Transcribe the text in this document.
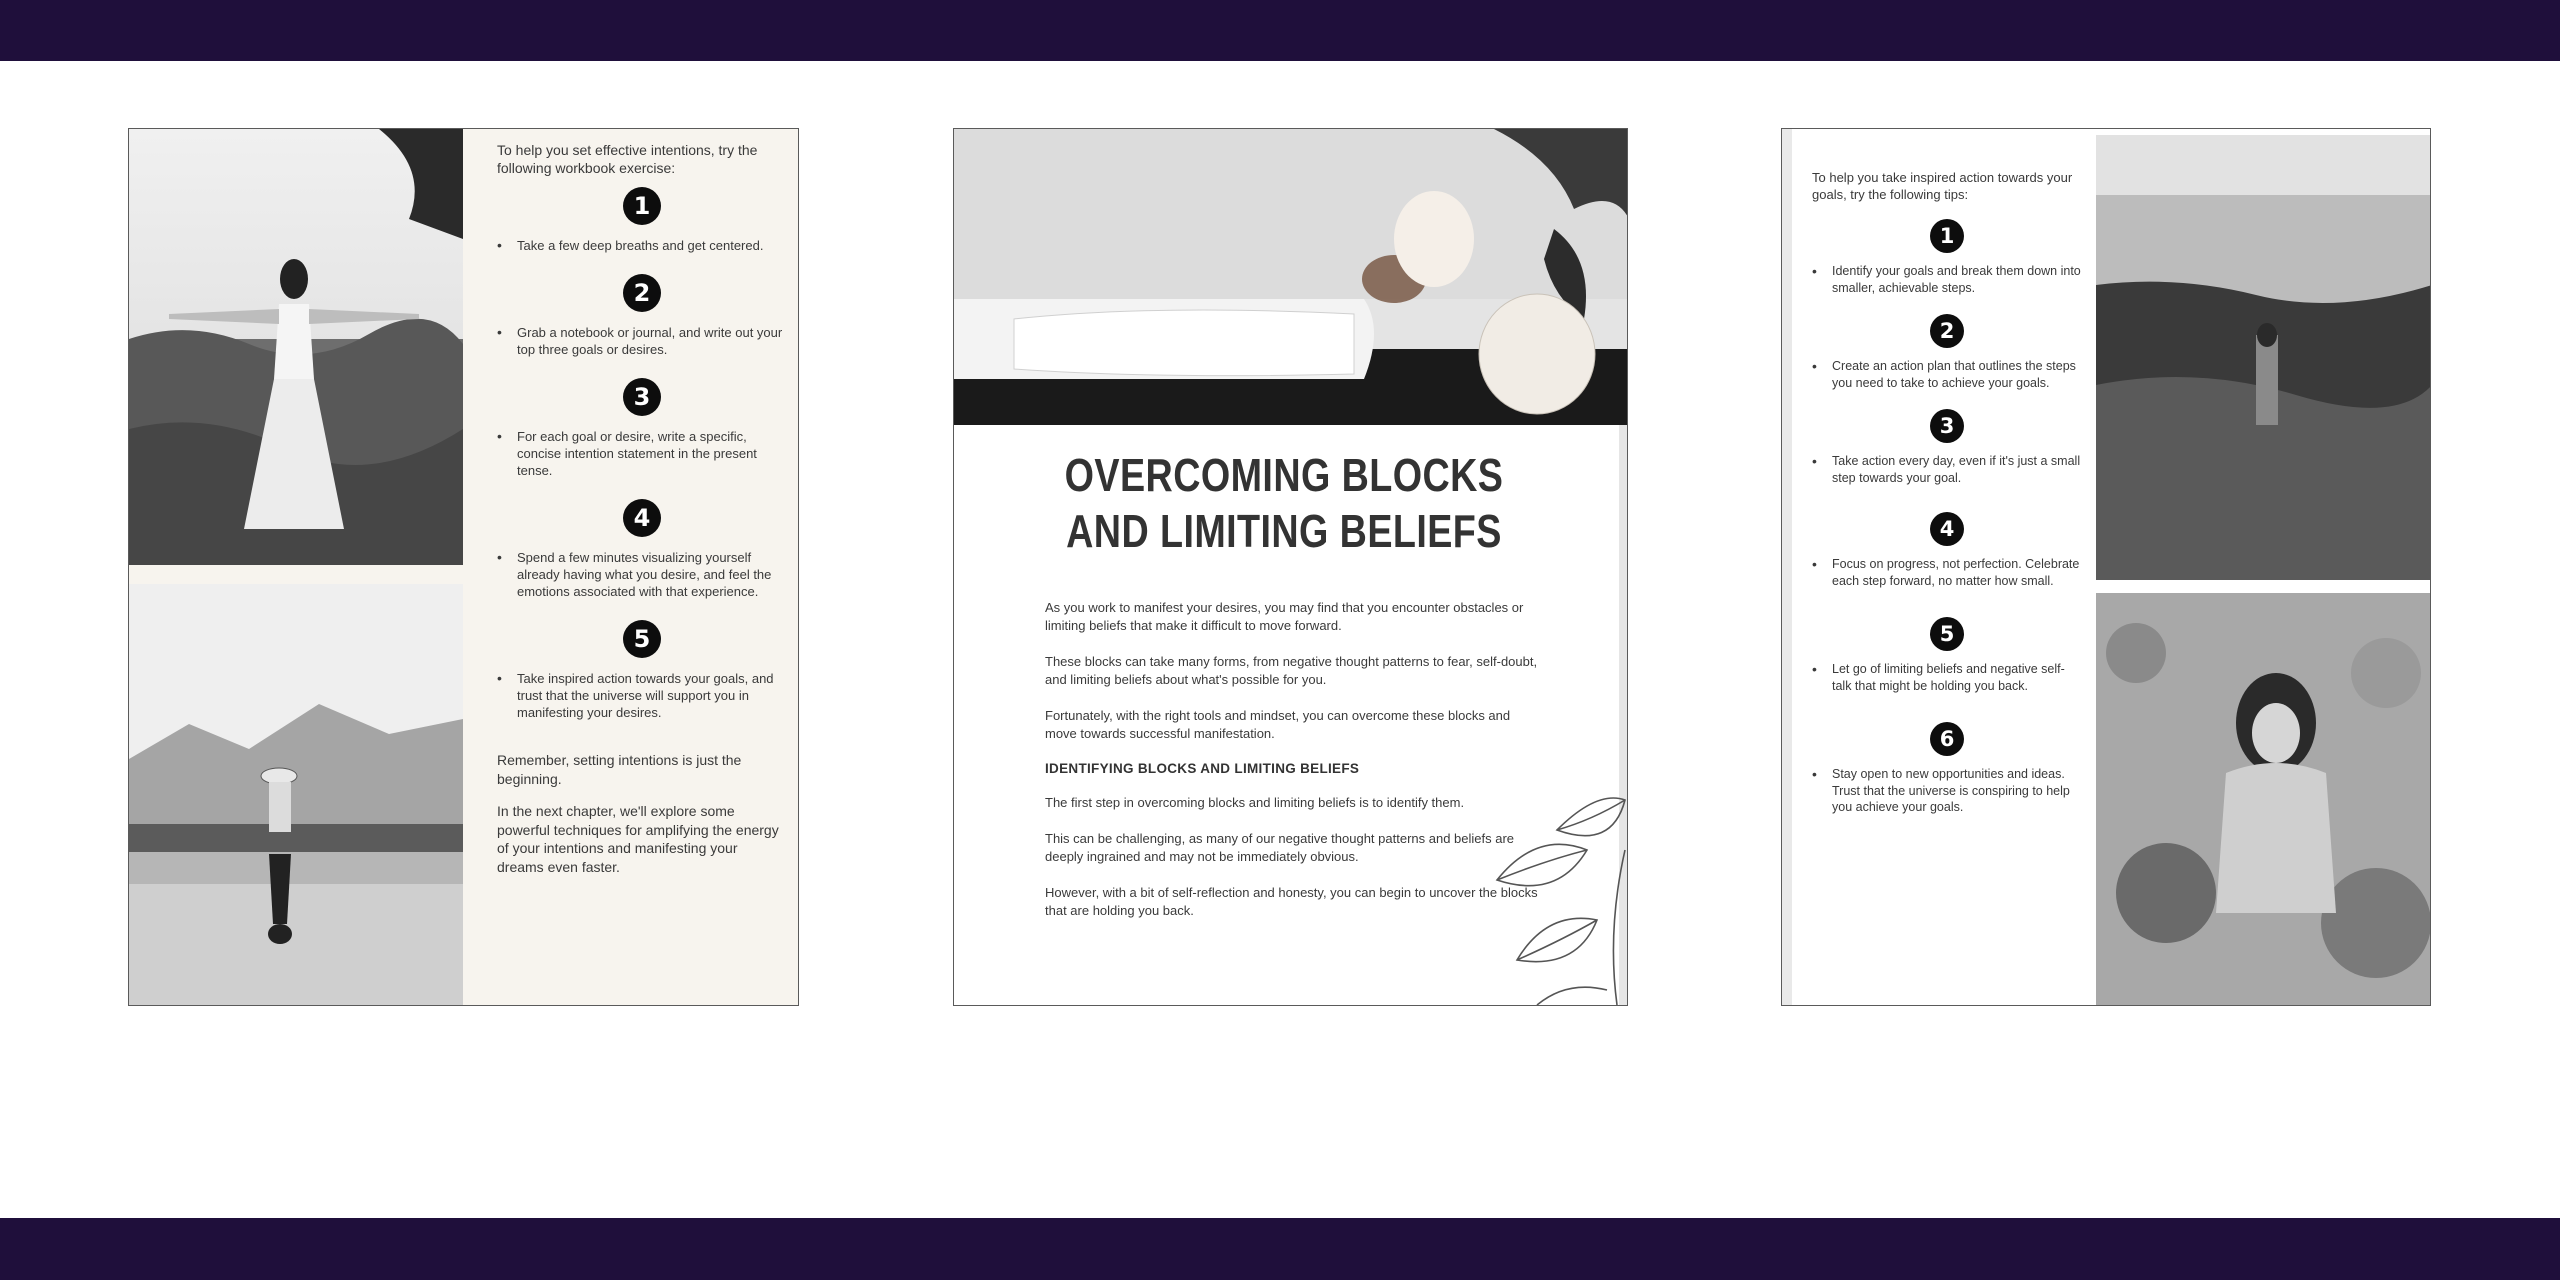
To help you set effective intentions, try the following workbook exercise:

1
•	Take a few deep breaths and get centered.
2
•	Grab a notebook or journal, and write out your top three goals or desires.
3
•	For each goal or desire, write a specific, concise intention statement in the present tense.
4
•	Spend a few minutes visualizing yourself already having what you desire, and feel the emotions associated with that experience.
5
•	Take inspired action towards your goals, and trust that the universe will support you in manifesting your desires.

Remember, setting intentions is just the beginning.

In the next chapter, we'll explore some powerful techniques for amplifying the energy of your intentions and manifesting your dreams even faster.

OVERCOMING BLOCKS
AND LIMITING BELIEFS

As you work to manifest your desires, you may find that you encounter obstacles or limiting beliefs that make it difficult to move forward.

These blocks can take many forms, from negative thought patterns to fear, self-doubt, and limiting beliefs about what's possible for you.

Fortunately, with the right tools and mindset, you can overcome these blocks and move towards successful manifestation.

IDENTIFYING BLOCKS AND LIMITING BELIEFS

The first step in overcoming blocks and limiting beliefs is to identify them.

This can be challenging, as many of our negative thought patterns and beliefs are deeply ingrained and may not be immediately obvious.

However, with a bit of self-reflection and honesty, you can begin to uncover the blocks that are holding you back.

To help you take inspired action towards your goals, try the following tips:

1
•	Identify your goals and break them down into smaller, achievable steps.
2
•	Create an action plan that outlines the steps you need to take to achieve your goals.
3
•	Take action every day, even if it's just a small step towards your goal.
4
•	Focus on progress, not perfection. Celebrate each step forward, no matter how small.
5
•	Let go of limiting beliefs and negative self-talk that might be holding you back.
6
•	Stay open to new opportunities and ideas. Trust that the universe is conspiring to help you achieve your goals.
